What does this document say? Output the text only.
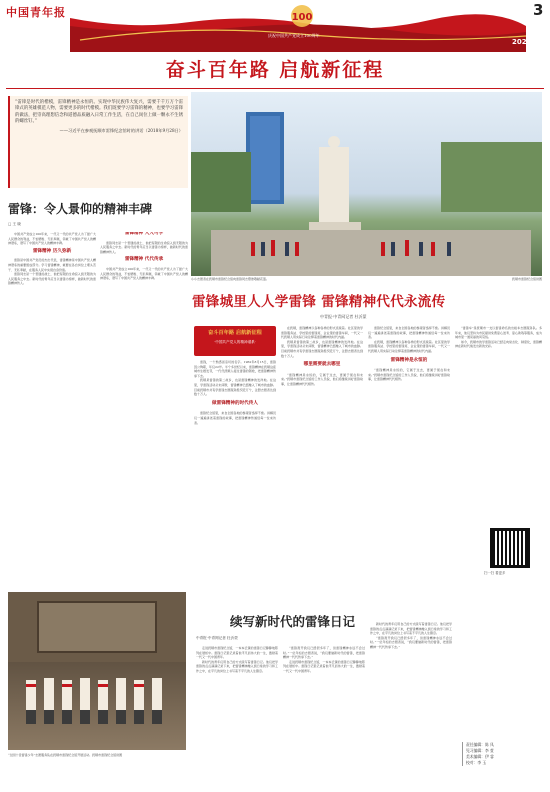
中国青年报	100
庆祝中国共产党成立100周年
1921	2021
3
奋斗百年路 启航新征程
“雷锋是时代的楷模，雷锋精神是永恒的。实现中华民族伟大复兴，需要千千万万个雷锋式的英雄模范人物，需要更多的时代楷模。我们既要学习雷锋的精神，也要学习雷锋的做法，把崇高理想信念和道德品质融入日常工作生活，在自己岗位上做一颗永不生锈的螺丝钉。”
——习近平在参观抚顺市雷锋纪念馆时的讲话（2018年9月28日）
小小志愿者在抚顺市雷锋纪念馆向雷锋同志塑像敬献花篮。	抚顺市雷锋纪念馆供图
雷锋：令人景仰的精神丰碑
□ 王 晓

中国共产党成立100年来，一代又一代的共产党人为了最广大人民群众的利益，不怕牺牲、无私奉献，铸就了中国共产党人的精神谱系，谱写了中国共产党人的精神丰碑。

雷锋精神 历久弥新

雷锋是中国共产党员的杰出代表，雷锋精神是中国共产党人精神谱系的重要组成部分。学习雷锋精神，就要在各自岗位上埋头苦干、无私奉献，在服务人民中实现自身价值。

雷锋同志是一个普通的战士，他把有限的生命投入到无限的为人民服务之中去。新时代的青年应当以雷锋为榜样，做新时代的雷锋精神传人。

雷锋精神 人人可学

雷锋同志是一个普通的战士，他把有限的生命投入到无限的为人民服务之中去。新时代的青年应当以雷锋为榜样，做新时代的雷锋精神传人。

雷锋精神 代代传承

中国共产党成立100年来，一代又一代的共产党人为了最广大人民群众的利益，不怕牺牲、无私奉献，铸就了中国共产党人的精神谱系，谱写了中国共产党人的精神丰碑。

雷锋城里人人学雷锋 雷锋精神代代永流传
中青报·中青网记者 杜沂蒙
奋斗百年路 启航新征程
·中国共产党人的精神谱系·

雷锋，一个熟悉而亲切的名字。1962年8月15日，雷锋因公殉职，年仅22岁。半个多世纪以来，雷锋精神在抚顺这座城市生根发芽，一代代抚顺人接过雷锋的钢枪，把雷锋精神传承下去。

抚顺是雷锋的第二故乡，也是雷锋精神的发祥地。在这里，学雷锋活动从未间断，雷锋精神已经融入了城市的血脉。目前抚顺市共有学雷锋志愿服务组织近万个，注册志愿者达到数十万人。

做雷锋精神的时代传人

雷锋纪念馆里，来自全国各地的参观者络绎不绝。讲解员们一遍遍讲述着雷锋的故事，把雷锋精神传递给每一位来访者。

在抚顺，雷锋精神以各种各样的形式延续着。社区里的学雷锋服务站、学校里的雷锋班、企业里的雷锋车间，一代又一代抚顺人用实际行动诠释着雷锋精神的时代内涵。

抚顺是雷锋的第二故乡，也是雷锋精神的发祥地。在这里，学雷锋活动从未间断，雷锋精神已经融入了城市的血脉。目前抚顺市共有学雷锋志愿服务组织近万个，注册志愿者达到数十万人。

哪里需要就去哪里

“雷锋精神是永恒的，它属于过去，更属于现在和未来。”抚顺市雷锋纪念馆的工作人员说，他们将继续讲好雷锋故事，让雷锋精神代代相传。

雷锋纪念馆里，来自全国各地的参观者络绎不绝。讲解员们一遍遍讲述着雷锋的故事，把雷锋精神传递给每一位来访者。

在抚顺，雷锋精神以各种各样的形式延续着。社区里的学雷锋服务站、学校里的雷锋班、企业里的雷锋车间，一代又一代抚顺人用实际行动诠释着雷锋精神的时代内涵。

雷锋精神是永恒的

“雷锋精神是永恒的，它属于过去，更属于现在和未来。”抚顺市雷锋纪念馆的工作人员说，他们将继续讲好雷锋故事，让雷锋精神代代相传。

“雷锋车”是抚顺市一支以雷锋命名的出租车志愿服务队。多年来，他们坚持为市民提供免费爱心送考、爱心助残等服务，成为城市里一道亮丽的风景线。

如今，抚顺市的学雷锋活动已经走向常态化、制度化，雷锋精神在新时代焕发出新的光彩。

扫一扫 看更多
“全国十佳雷锋少年”志愿服务队在抚顺市雷锋纪念馆开展活动。抚顺市雷锋纪念馆供图
续写新时代的雷锋日记
中青报·中青网记者 杜沂蒙

走进抚顺市雷锋纪念馆，一本本泛黄的雷锋日记静静地陈列在展柜中。雷锋日记里记录着他平凡而伟大的一生，激励着一代又一代中国青年。

新时代的青年们用自己的方式续写着雷锋日记。他们把学雷锋的点点滴滴记录下来，把雷锋精神融入到日常的学习和工作之中，在平凡的岗位上书写着不平凡的人生篇章。

“雷锋离开我们已经很多年了，但雷锋精神永远不会过时。”一位年轻的志愿者说，“我们要做新时代的雷锋，把雷锋精神一代代传承下去。”

走进抚顺市雷锋纪念馆，一本本泛黄的雷锋日记静静地陈列在展柜中。雷锋日记里记录着他平凡而伟大的一生，激励着一代又一代中国青年。

新时代的青年们用自己的方式续写着雷锋日记。他们把学雷锋的点点滴滴记录下来，把雷锋精神融入到日常的学习和工作之中，在平凡的岗位上书写着不平凡的人生篇章。

“雷锋离开我们已经很多年了，但雷锋精神永远不会过时。”一位年轻的志愿者说，“我们要做新时代的雷锋，把雷锋精神一代代传承下去。”

责任编辑：陈 凤
见习编辑：李 萱
美术编辑：伊 睿
校对：李 玉
